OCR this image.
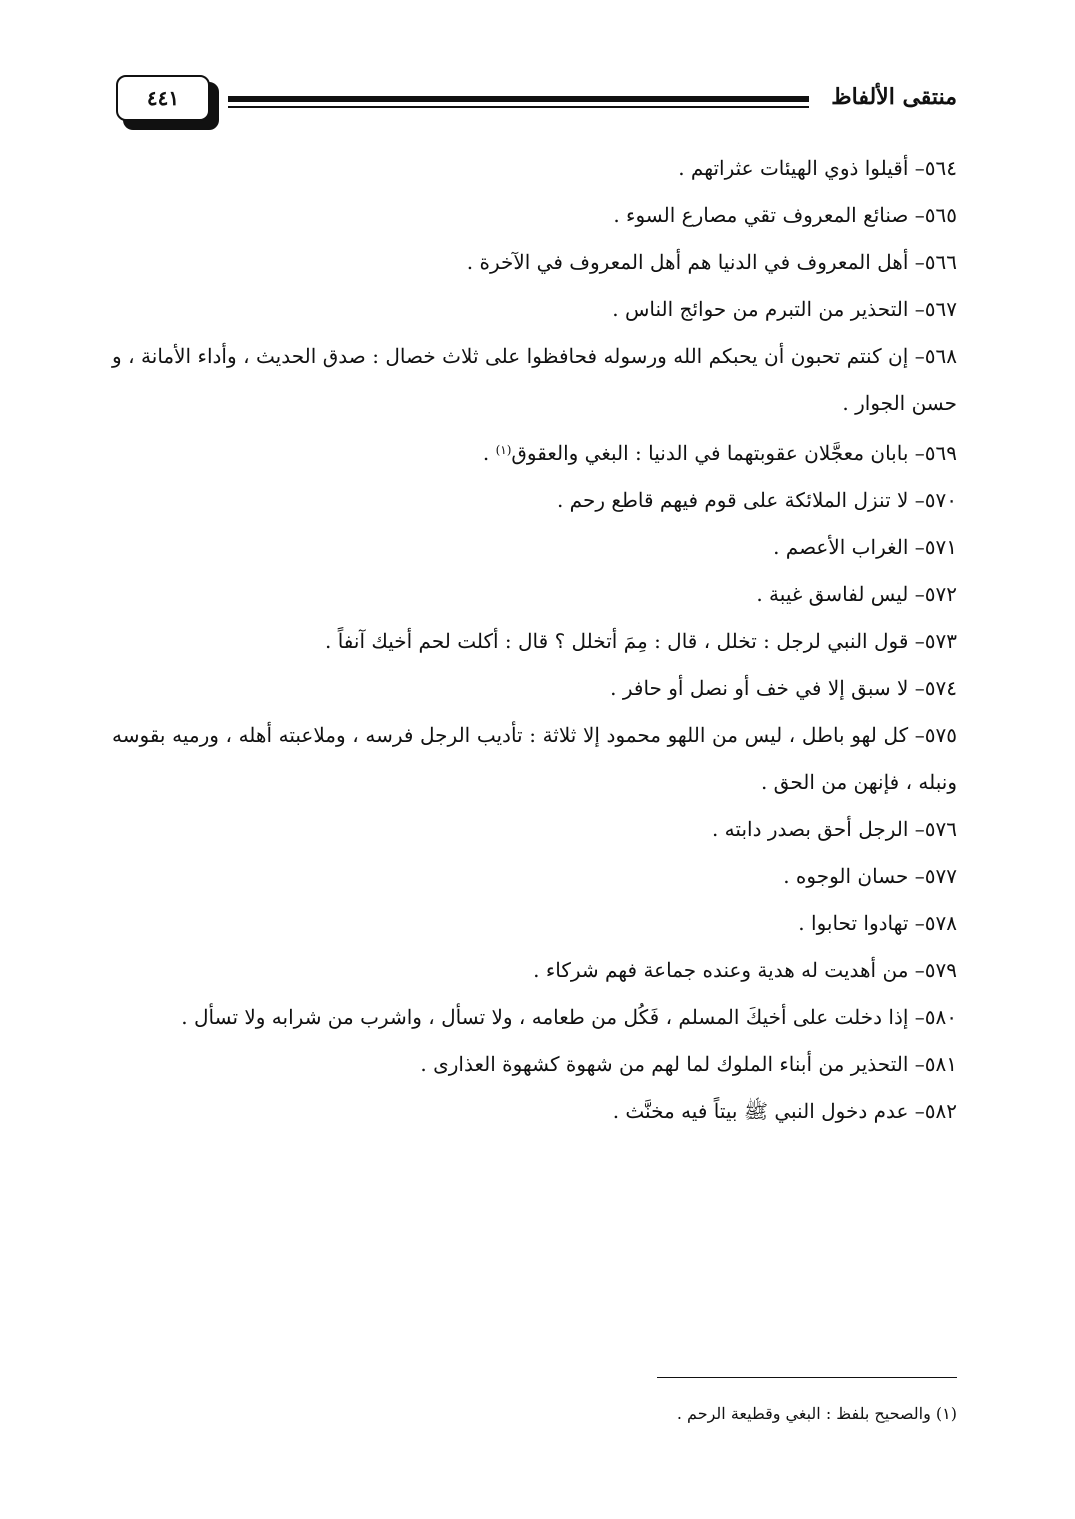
منتقى الألفاظ
٤٤١

٥٦٤– أقيلوا ذوي الهيئات عثراتهم .

٥٦٥– صنائع المعروف تقي مصارع السوء .

٥٦٦– أهل المعروف في الدنيا هم أهل المعروف في الآخرة .

٥٦٧– التحذير من التبرم من حوائج الناس .

٥٦٨– إن كنتم تحبون أن يحبكم الله ورسوله فحافظوا على ثلاث خصال : صدق الحديث ، وأداء الأمانة ، و حسن الجوار .

٥٦٩– بابان معجَّلان عقوبتهما في الدنيا : البغي والعقوق$^{(١)}$ .

٥٧٠– لا تنزل الملائكة على قوم فيهم قاطع رحم .

٥٧١– الغراب الأعصم .

٥٧٢– ليس لفاسق غيبة .

٥٧٣– قول النبي لرجل : تخلل ، قال : مِمَ أتخلل ؟ قال : أكلت لحم أخيك آنفاً .

٥٧٤– لا سبق إلا في خف أو نصل أو حافر .

٥٧٥– كل لهو باطل ، ليس من اللهو محمود إلا ثلاثة : تأديب الرجل فرسه ، وملاعبته أهله ، ورميه بقوسه ونبله ، فإنهن من الحق .

٥٧٦– الرجل أحق بصدر دابته .

٥٧٧– حسان الوجوه .

٥٧٨– تهادوا تحابوا .

٥٧٩– من أهديت له هدية وعنده جماعة فهم شركاء .

٥٨٠– إذا دخلت على أخيكَ المسلم ، فَكُل من طعامه ، ولا تسأل ، واشرب من شرابه ولا تسأل .

٥٨١– التحذير من أبناء الملوك لما لهم من شهوة كشهوة العذارى .

٥٨٢– عدم دخول النبي ﷺ بيتاً فيه مخنَّث .

(١) والصحيح بلفظ : البغي وقطيعة الرحم .
